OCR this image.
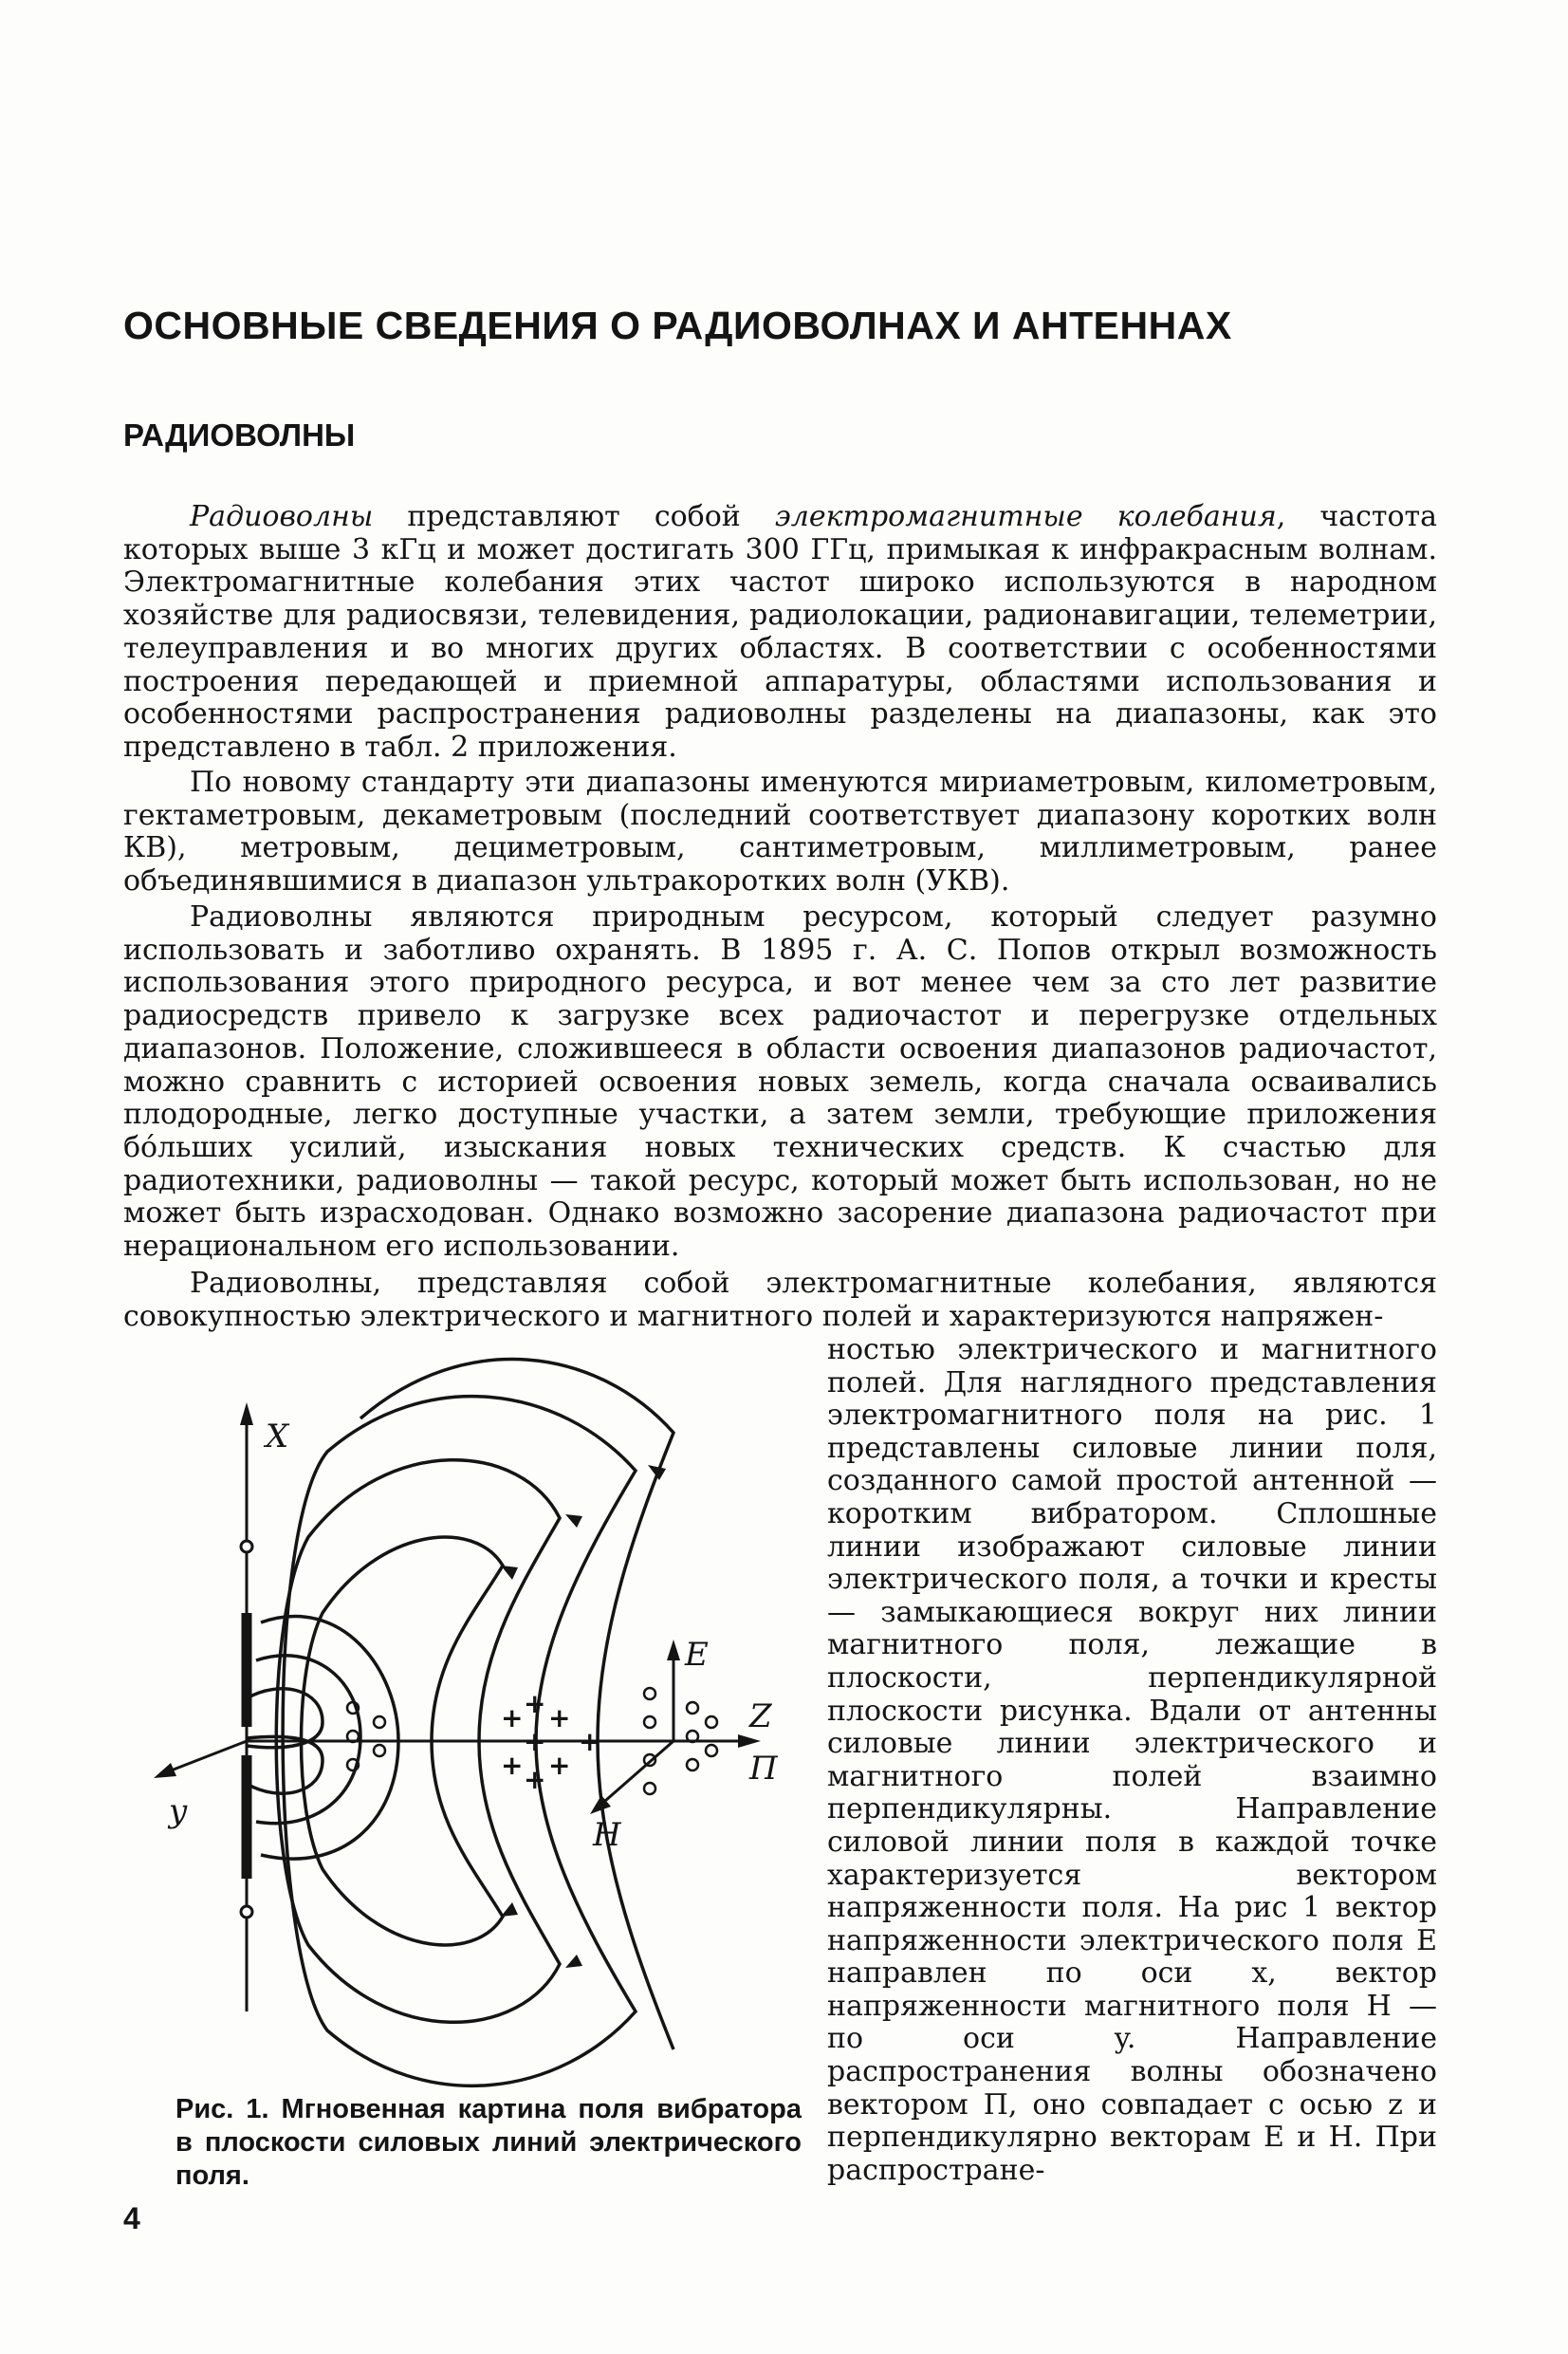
ОСНОВНЫЕ СВЕДЕНИЯ О РАДИОВОЛНАХ И АНТЕННАХ
РАДИОВОЛНЫ

Радиоволны представляют собой электромагнитные колебания, частота которых выше 3 кГц и может достигать 300 ГГц, примыкая к инфракрасным волнам. Электромагнитные колебания этих частот широко используются в народном хозяйстве для радиосвязи, телевидения, радиолокации, радионавигации, телеметрии, телеуправления и во многих других областях. В соответствии с особенностями построения передающей и приемной аппаратуры, областями использования и особенностями распространения радиоволны разделены на диапазоны, как это представлено в табл. 2 приложения.

По новому стандарту эти диапазоны именуются мириаметровым, километровым, гектаметровым, декаметровым (последний соответствует диапазону коротких волн КВ), метровым, дециметровым, сантиметровым, миллиметровым, ранее объединявшимися в диапазон ультракоротких волн (УКВ).

Радиоволны являются природным ресурсом, который следует разумно использовать и заботливо охранять. В 1895 г. А. С. Попов открыл возможность использования этого природного ресурса, и вот менее чем за сто лет развитие радиосредств привело к загрузке всех радиочастот и перегрузке отдельных диапазонов. Положение, сложившееся в области освоения диапазонов радиочастот, можно сравнить с историей освоения новых земель, когда сначала осваивались плодородные, легко доступные участки, а затем земли, требующие приложения бóльших усилий, изыскания новых технических средств. К счастью для радиотехники, радиоволны — такой ресурс, который может быть использован, но не может быть израсходован. Однако возможно засорение диапазона радиочастот при нерациональном его использовании.

Радиоволны, представляя собой электромагнитные колебания, являются совокупностью электрического и магнитного полей и характеризуются напряжен-

ностью электрического и магнитного полей. Для наглядного представления электромагнитного поля на рис. 1 представлены силовые линии поля, созданного самой простой антенной — коротким вибратором. Сплошные линии изображают силовые линии электрического поля, а точки и кресты — замыкающиеся вокруг них линии магнитного поля, лежащие в плоскости, перпендикулярной плоскости рисунка. Вдали от антенны силовые линии электрического и магнитного полей взаимно перпендикулярны. Направление силовой линии поля в каждой точке характеризуется вектором напряженности поля. На рис 1 вектор напряженности электрического поля E направлен по оси x, вектор напряженности магнитного поля H — по оси y. Направление распространения волны обозначено вектором П, оно совпадает с осью z и перпендикулярно векторам E и H. При распростране-

X
y
Z
E
H
П
+
+
+
+
+
+
+
+

Рис. 1. Мгновенная картина поля вибратора в плоскости силовых линий электрического поля.

4
